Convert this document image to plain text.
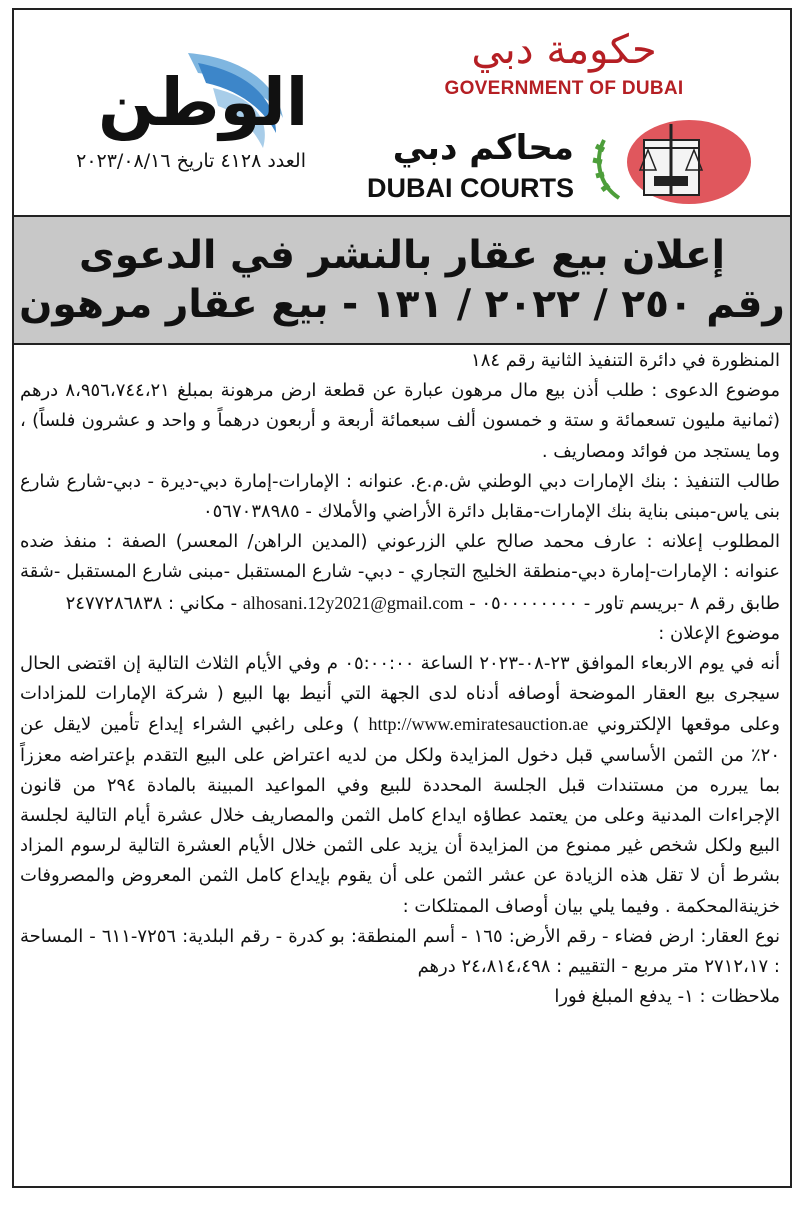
الوطن
العدد ٤١٢٨ تاريخ ٢٠٢٣/٠٨/١٦
حكومة دبي
GOVERNMENT OF DUBAI
محاكم دبي
DUBAI COURTS
إعلان بيع عقار بالنشر في الدعوى
رقم ٢٥٠ / ٢٠٢٢ / ١٣١ - بيع عقار مرهون

المنظورة في دائرة التنفيذ الثانية رقم ١٨٤

موضوع الدعوى : طلب أذن بيع مال مرهون عبارة عن قطعة ارض مرهونة بمبلغ ٨،٩٥٦،٧٤٤،٢١ درهم (ثمانية مليون تسعمائة و ستة و خمسون ألف سبعمائة أربعة و أربعون درهماً و واحد و عشرون فلساً) ، وما يستجد من فوائد ومصاريف .

طالب التنفيذ : بنك الإمارات دبي الوطني ش.م.ع. عنوانه : الإمارات-إمارة دبي-ديرة - دبي-شارع شارع بنى ياس-مبنى بناية بنك الإمارات-مقابل دائرة الأراضي والأملاك - ٠٥٦٧٠٣٨٩٨٥

المطلوب إعلانه : عارف محمد صالح علي الزرعوني (المدين الراهن/ المعسر) الصفة : منفذ ضده عنوانه : الإمارات-إمارة دبي-منطقة الخليج التجاري - دبي- شارع المستقبل -مبنى شارع المستقبل -شقة طابق رقم ٨ -بريسم تاور - ٠٥٠٠٠٠٠٠٠٠ - alhosani.12y2021@gmail.com - مكاني : ٢٤٧٧٢٨٦٨٣٨

موضوع الإعلان :

أنه في يوم الاربعاء الموافق ٢٣-٠٨-٢٠٢٣ الساعة ٠٥:٠٠:٠٠ م وفي الأيام الثلاث التالية إن اقتضى الحال سيجرى بيع العقار الموضحة أوصافه أدناه لدى الجهة التي أنيط بها البيع ( شركة الإمارات للمزادات وعلى موقعها الإلكتروني http://www.emiratesauction.ae ) وعلى راغبي الشراء إيداع تأمين لايقل عن ٢٠٪ من الثمن الأساسي قبل دخول المزايدة ولكل من لديه اعتراض على البيع التقدم بإعتراضه معززاً بما يبرره من مستندات قبل الجلسة المحددة للبيع وفي المواعيد المبينة بالمادة ٢٩٤ من قانون الإجراءات المدنية وعلى من يعتمد عطاؤه ايداع كامل الثمن والمصاريف خلال عشرة أيام التالية لجلسة البيع ولكل شخص غير ممنوع من المزايدة أن يزيد على الثمن خلال الأيام العشرة التالية لرسوم المزاد بشرط أن لا تقل هذه الزيادة عن عشر الثمن على أن يقوم بإيداع كامل الثمن المعروض والمصروفات خزينةالمحكمة . وفيما يلي بيان أوصاف الممتلكات :

نوع العقار: ارض فضاء - رقم الأرض: ١٦٥ - أسم المنطقة: بو كدرة - رقم البلدية: ٧٢٥٦-٦١١ - المساحة : ٢٧١٢،١٧ متر مربع - التقييم : ٢٤،٨١٤،٤٩٨ درهم

ملاحظات : ١- يدفع المبلغ فورا
